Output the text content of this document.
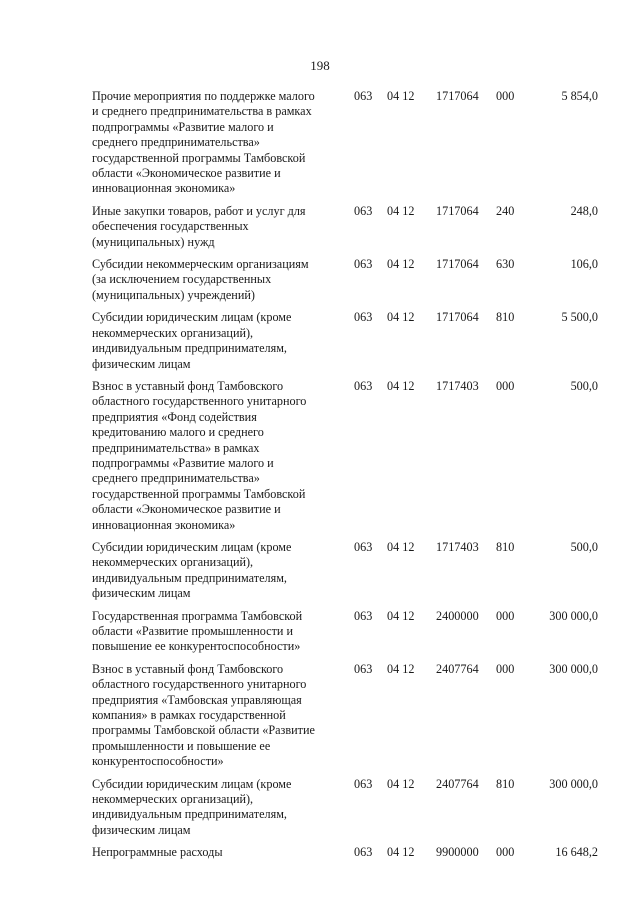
198
Прочие мероприятия по поддержке малого
и среднего предпринимательства в рамках
подпрограммы «Развитие малого и
среднего предпринимательства»
государственной программы Тамбовской
области «Экономическое развитие и
инновационная экономика»
063 04 12 1717064 000	5 854,0
Иные закупки товаров, работ и услуг для
обеспечения государственных
(муниципальных) нужд
063 04 12 1717064 240	248,0
Субсидии некоммерческим организациям
(за исключением государственных
(муниципальных) учреждений)
063 04 12 1717064 630	106,0
Субсидии юридическим лицам (кроме
некоммерческих организаций),
индивидуальным предпринимателям,
физическим лицам
063 04 12 1717064 810	5 500,0
Взнос в уставный фонд Тамбовского
областного государственного унитарного
предприятия «Фонд содействия
кредитованию малого и среднего
предпринимательства» в рамках
подпрограммы «Развитие малого и
среднего предпринимательства»
государственной программы Тамбовской
области «Экономическое развитие и
инновационная экономика»
063 04 12 1717403 000	500,0
Субсидии юридическим лицам (кроме
некоммерческих организаций),
индивидуальным предпринимателям,
физическим лицам
063 04 12 1717403 810	500,0
Государственная программа Тамбовской
области «Развитие промышленности и
повышение ее конкурентоспособности»
063 04 12 2400000 000	300 000,0
Взнос в уставный фонд Тамбовского
областного государственного унитарного
предприятия «Тамбовская управляющая
компания» в рамках государственной
программы Тамбовской области «Развитие
промышленности и повышение ее
конкурентоспособности»
063 04 12 2407764 000	300 000,0
Субсидии юридическим лицам (кроме
некоммерческих организаций),
индивидуальным предпринимателям,
физическим лицам
063 04 12 2407764 810	300 000,0
Непрограммные расходы	063 04 12 9900000 000	16 648,2
